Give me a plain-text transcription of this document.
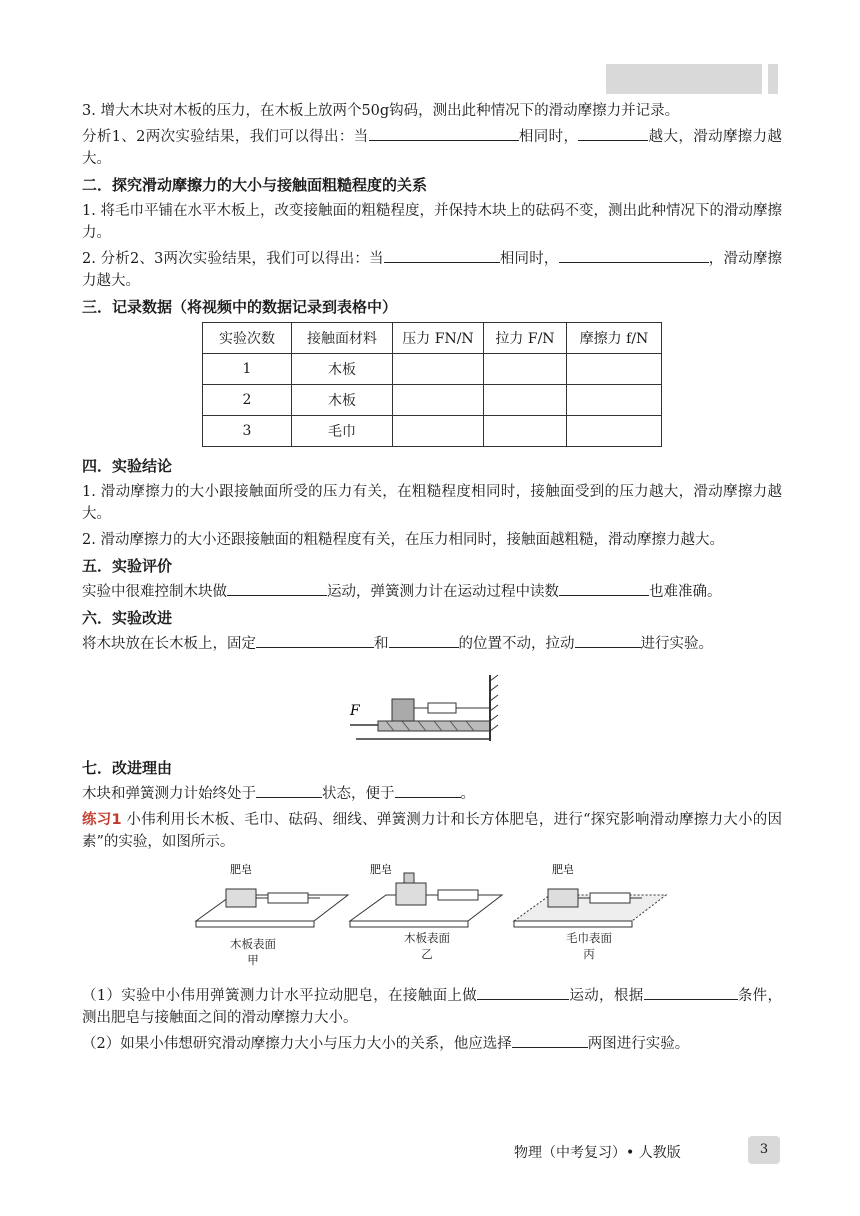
3. 增大木块对木板的压力，在木板上放两个50g钩码，测出此种情况下的滑动摩擦力并记录。

分析1、2两次实验结果，我们可以得出：当	相同时，	越大，滑动摩擦力越大。

二．探究滑动摩擦力的大小与接触面粗糙程度的关系

1. 将毛巾平铺在水平木板上，改变接触面的粗糙程度，并保持木块上的砝码不变，测出此种情况下的滑动摩擦力。

2. 分析2、3两次实验结果，我们可以得出：当	相同时，	，滑动摩擦力越大。

三．记录数据（将视频中的数据记录到表格中）
实验次数	接触面材料	压力 FN/N	拉力 F/N	摩擦力 f/N
1	木板			
2	木板			
3	毛巾			
四．实验结论

1. 滑动摩擦力的大小跟接触面所受的压力有关，在粗糙程度相同时，接触面受到的压力越大，滑动摩擦力越大。

2. 滑动摩擦力的大小还跟接触面的粗糙程度有关，在压力相同时，接触面越粗糙，滑动摩擦力越大。

五．实验评价

实验中很难控制木块做	运动，弹簧测力计在运动过程中读数	也难准确。

六．实验改进

将木块放在长木板上，固定	和	的位置不动，拉动	进行实验。

F
七．改进理由

木块和弹簧测力计始终处于	状态，便于	。

练习1 小伟利用长木板、毛巾、砝码、细线、弹簧测力计和长方体肥皂，进行“探究影响滑动摩擦力大小的因素”的实验，如图所示。

肥皂
木板表面
甲
肥皂
木板表面
乙
肥皂
毛巾表面
丙

（1）实验中小伟用弹簧测力计水平拉动肥皂，在接触面上做	运动，根据	条件，测出肥皂与接触面之间的滑动摩擦力大小。

（2）如果小伟想研究滑动摩擦力大小与压力大小的关系，他应选择	两图进行实验。

物理（中考复习）• 人教版	3
